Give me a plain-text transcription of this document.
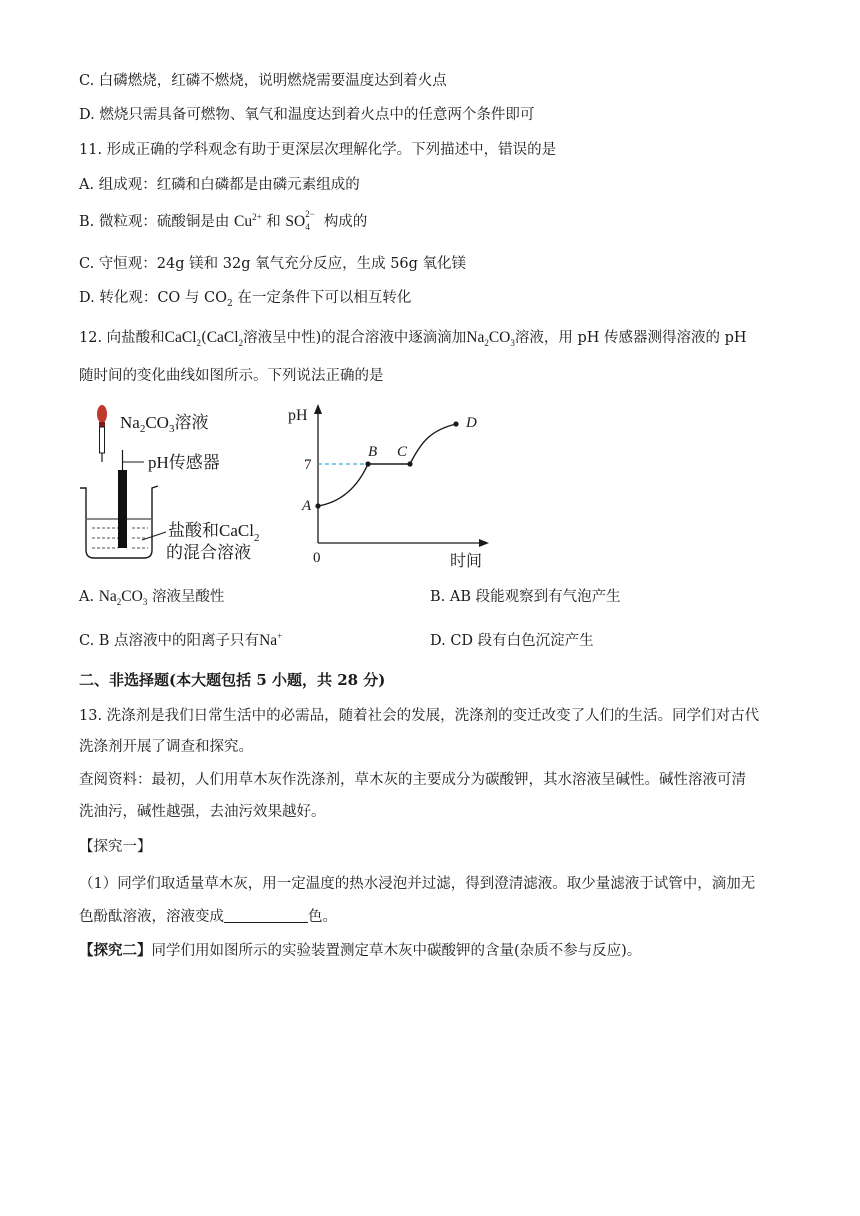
C. 白磷燃烧，红磷不燃烧，说明燃烧需要温度达到着火点
D. 燃烧只需具备可燃物、氧气和温度达到着火点中的任意两个条件即可
11. 形成正确的学科观念有助于更深层次理解化学。下列描述中，错误的是
A. 组成观：红磷和白磷都是由磷元素组成的
B. 微粒观：硫酸铜是由 $Cu^{2+}$ 和 SO 2−
4 构成的
C. 守恒观：24g 镁和 32g 氧气充分反应，生成 56g 氧化镁
D. 转化观：CO 与 $CO_2$ 在一定条件下可以相互转化
12. 向盐酸和CaCl$_2$(CaCl$_2$溶液呈中性)的混合溶液中逐滴滴加$Na_2CO_3$溶液，用 pH 传感器测得溶液的 pH
随时间的变化曲线如图所示。下列说法正确的是
$Na_2CO_3$溶液
pH传感器
盐酸和CaCl$_2$
的混合溶液
pH
7
0	时间
A
B C
D
A. $Na_2CO_3$ 溶液呈酸性	B. AB 段能观察到有气泡产生
C. B 点溶液中的阳离子只有Na+	D. CD 段有白色沉淀产生
二、非选择题(本大题包括 5 小题，共 28 分)
13. 洗涤剂是我们日常生活中的必需品，随着社会的发展，洗涤剂的变迁改变了人们的生活。同学们对古代
洗涤剂开展了调查和探究。
查阅资料：最初，人们用草木灰作洗涤剂，草木灰的主要成分为碳酸钾，其水溶液呈碱性。碱性溶液可清
洗油污，碱性越强，去油污效果越好。
【探究一】
（1）同学们取适量草木灰，用一定温度的热水浸泡并过滤，得到澄清滤液。取少量滤液于试管中，滴加无
色酚酞溶液，溶液变成	色。
【探究二】同学们用如图所示的实验装置测定草木灰中碳酸钾的含量(杂质不参与反应)。
